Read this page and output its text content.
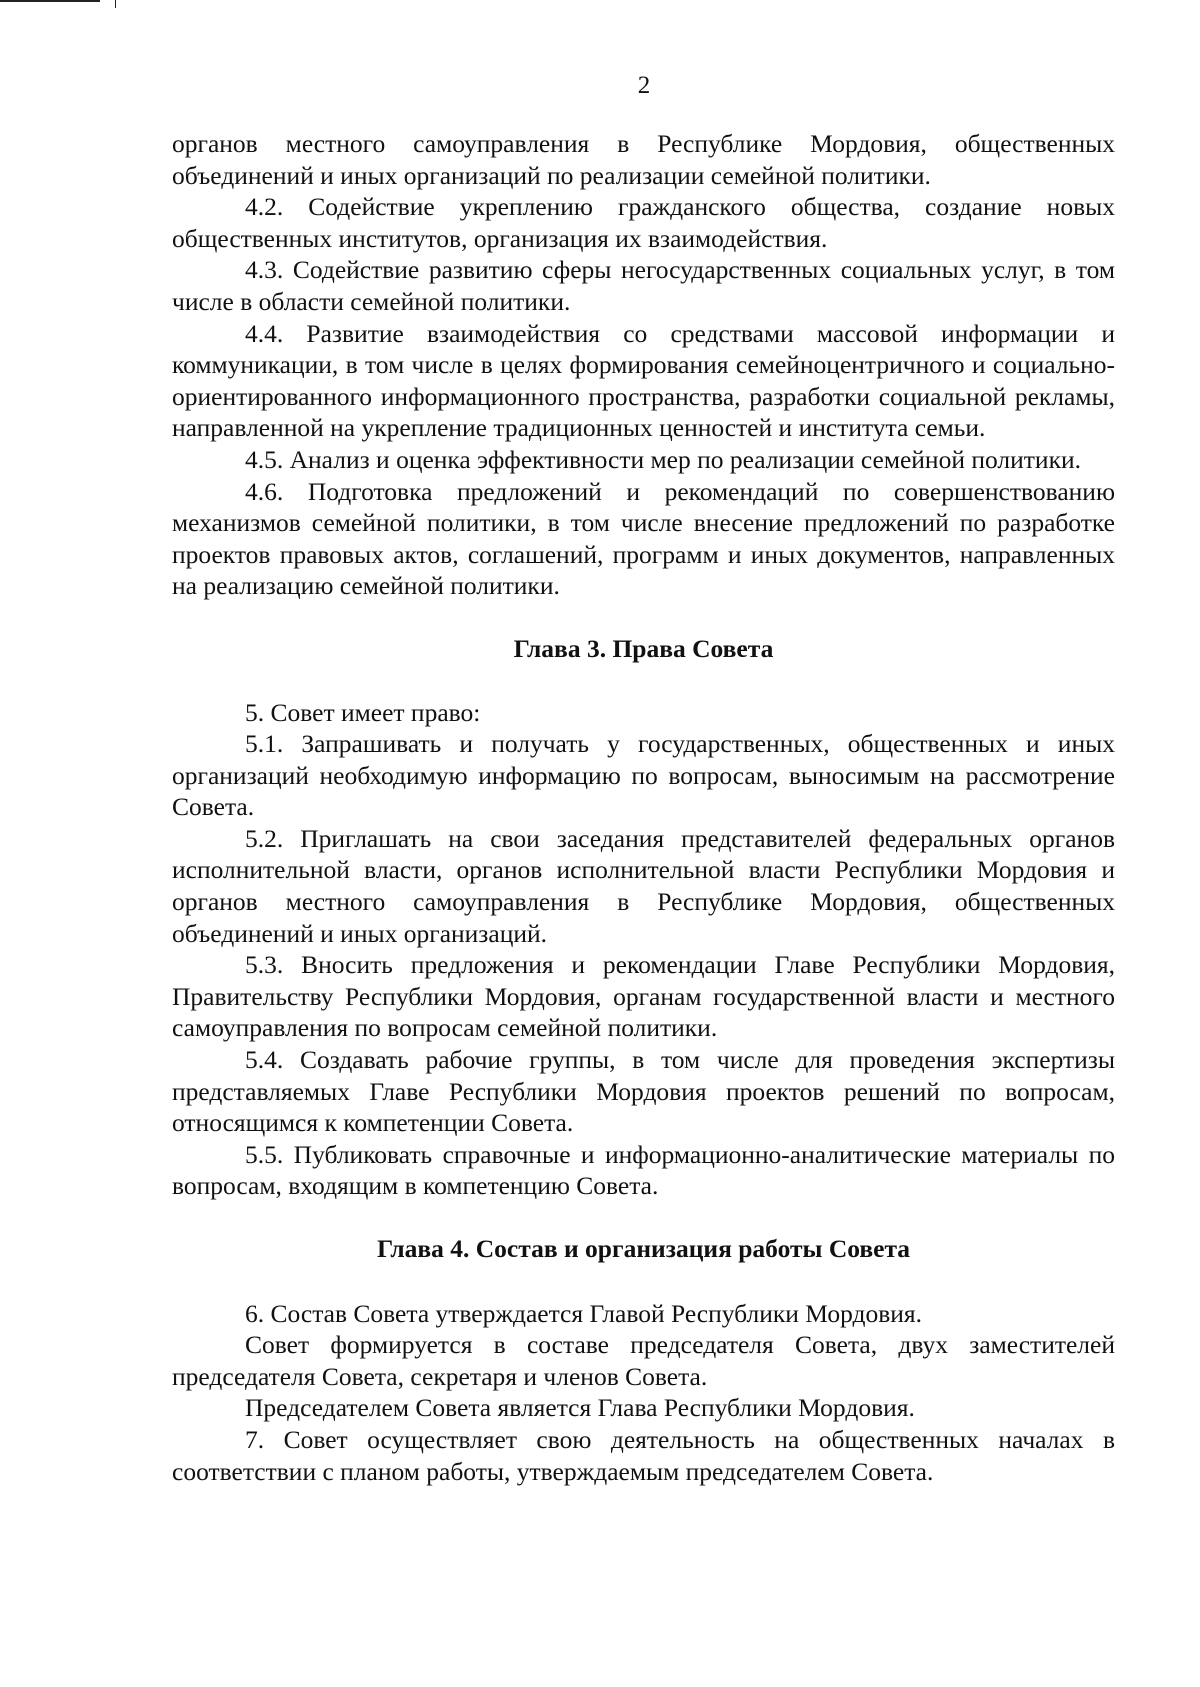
2

органов местного самоуправления в Республике Мордовия, общественных объединений и иных организаций по реализации семейной политики.

4.2. Содействие укреплению гражданского общества, создание новых общественных институтов, организация их взаимодействия.

4.3. Содействие развитию сферы негосударственных социальных услуг, в том числе в области семейной политики.

4.4. Развитие взаимодействия со средствами массовой информации и коммуникации, в том числе в целях формирования семейноцентричного и социально-ориентированного информационного пространства, разработки социальной рекламы, направленной на укрепление традиционных ценностей и института семьи.

4.5. Анализ и оценка эффективности мер по реализации семейной политики.

4.6. Подготовка предложений и рекомендаций по совершенствованию механизмов семейной политики, в том числе внесение предложений по разработке проектов правовых актов, соглашений, программ и иных документов, направленных на реализацию семейной политики.

Глава 3. Права Совета

5. Совет имеет право:

5.1. Запрашивать и получать у государственных, общественных и иных организаций необходимую информацию по вопросам, выносимым на рассмотрение Совета.

5.2. Приглашать на свои заседания представителей федеральных органов исполнительной власти, органов исполнительной власти Республики Мордовия и органов местного самоуправления в Республике Мордовия, общественных объединений и иных организаций.

5.3. Вносить предложения и рекомендации Главе Республики Мордовия, Правительству Республики Мордовия, органам государственной власти и местного самоуправления по вопросам семейной политики.

5.4. Создавать рабочие группы, в том числе для проведения экспертизы представляемых Главе Республики Мордовия проектов решений по вопросам, относящимся к компетенции Совета.

5.5. Публиковать справочные и информационно-аналитические материалы по вопросам, входящим в компетенцию Совета.

Глава 4. Состав и организация работы Совета

6. Состав Совета утверждается Главой Республики Мордовия.

Совет формируется в составе председателя Совета, двух заместителей председателя Совета, секретаря и членов Совета.

Председателем Совета является Глава Республики Мордовия.

7. Совет осуществляет свою деятельность на общественных началах в соответствии с планом работы, утверждаемым председателем Совета.
